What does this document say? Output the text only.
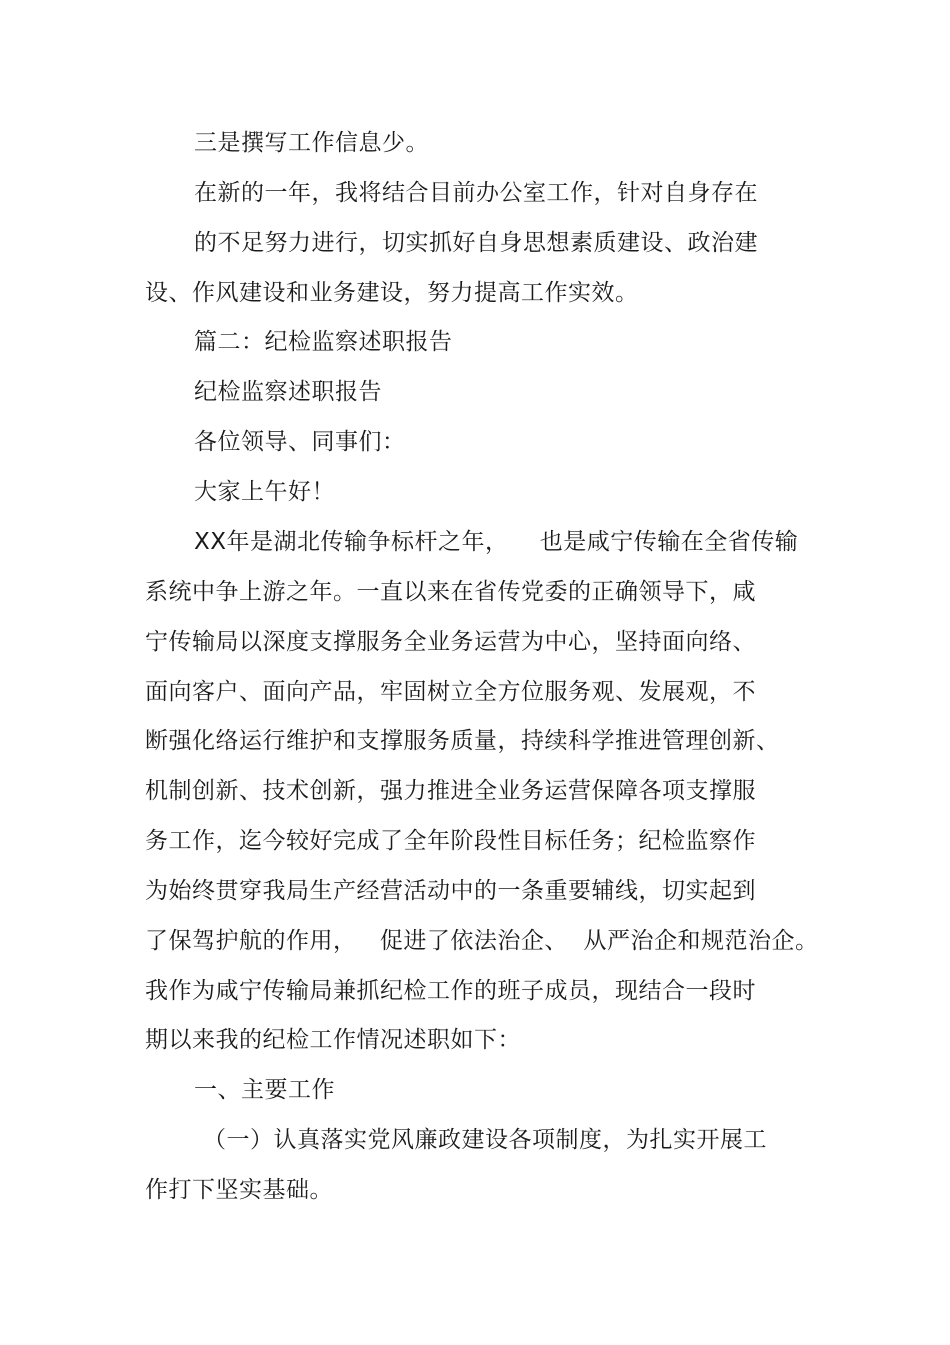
三是撰写工作信息少。
在新的一年，我将结合目前办公室工作，针对自身存在
的不足努力进行，切实抓好自身思想素质建设、政治建
设、作风建设和业务建设，努力提高工作实效。
篇二：纪检监察述职报告
纪检监察述职报告
各位领导、同事们：
大家上午好！
XX年是湖北传输争标杆之年，    也是咸宁传输在全省传输
系统中争上游之年。一直以来在省传党委的正确领导下，咸
宁传输局以深度支撑服务全业务运营为中心，坚持面向络、
面向客户、面向产品，牢固树立全方位服务观、发展观，不
断强化络运行维护和支撑服务质量，持续科学推进管理创新、
机制创新、技术创新，强力推进全业务运营保障各项支撑服
务工作，迄今较好完成了全年阶段性目标任务；纪检监察作
为始终贯穿我局生产经营活动中的一条重要辅线，切实起到
了保驾护航的作用，   促进了依法治企、  从严治企和规范治企。
我作为咸宁传输局兼抓纪检工作的班子成员，现结合一段时
期以来我的纪检工作情况述职如下：
一、主要工作
（一）认真落实党风廉政建设各项制度，为扎实开展工
作打下坚实基础。
